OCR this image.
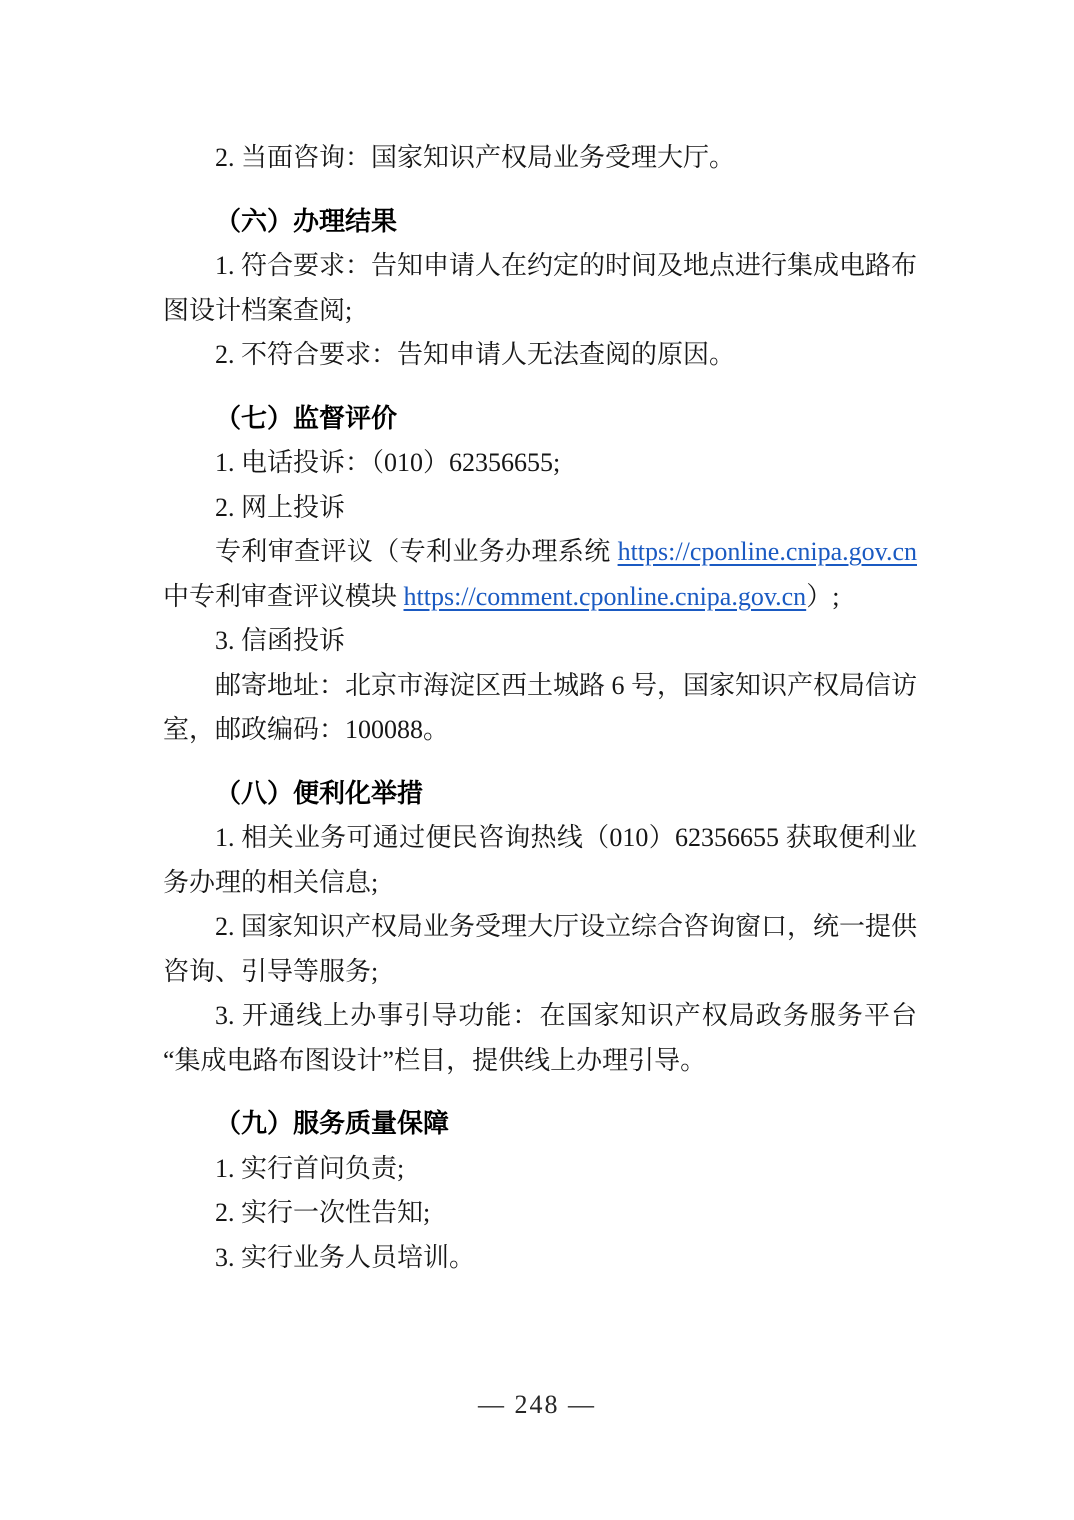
2. 当面咨询：国家知识产权局业务受理大厅。

（六）办理结果

1. 符合要求：告知申请人在约定的时间及地点进行集成电路布图设计档案查阅;

2. 不符合要求：告知申请人无法查阅的原因。

（七）监督评价

1. 电话投诉：（010）62356655;

2. 网上投诉

专利审查评议（专利业务办理系统 https://cponline.cnipa.gov.cn 中专利审查评议模块 https://comment.cponline.cnipa.gov.cn）;

3. 信函投诉

邮寄地址：北京市海淀区西土城路 6 号，国家知识产权局信访室，邮政编码：100088。

（八）便利化举措

1. 相关业务可通过便民咨询热线（010）62356655 获取便利业务办理的相关信息;

2. 国家知识产权局业务受理大厅设立综合咨询窗口，统一提供咨询、引导等服务;

3. 开通线上办事引导功能：在国家知识产权局政务服务平台“集成电路布图设计”栏目，提供线上办理引导。

（九）服务质量保障

1. 实行首问负责;

2. 实行一次性告知;

3. 实行业务人员培训。

— 248 —
